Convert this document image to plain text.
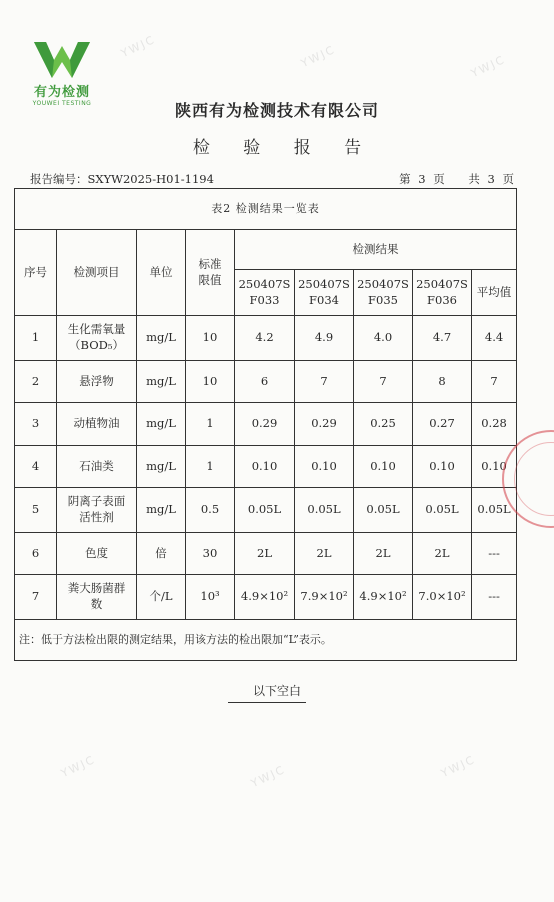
YWJC	YWJC	YWJC
YWJC	YWJC	YWJC
有为检测
YOUWEI TESTING	陕西有为检测技术有限公司
检 验 报 告
报告编号：SXYW2025-H01-1194	第 3 页 共 3 页
表2 检测结果一览表								
序号	检测项目	单位	标准限值	检测结果				
				250407SF033	250407SF034	250407SF035	250407SF036	平均值
1	生化需氧量（BOD₅）	mg/L	10	4.2	4.9	4.0	4.7	4.4
2	悬浮物	mg/L	10	6	7	7	8	7
3	动植物油	mg/L	1	0.29	0.29	0.25	0.27	0.28
4	石油类	mg/L	1	0.10	0.10	0.10	0.10	0.10
5	阴离子表面活性剂	mg/L	0.5	0.05L	0.05L	0.05L	0.05L	0.05L
6	色度	倍	30	2L	2L	2L	2L	---
7	粪大肠菌群数	个/L	10³	4.9×10²	7.9×10²	4.9×10²	7.0×10²	---
注：低于方法检出限的测定结果，用该方法的检出限加“L”表示。								
以下空白
